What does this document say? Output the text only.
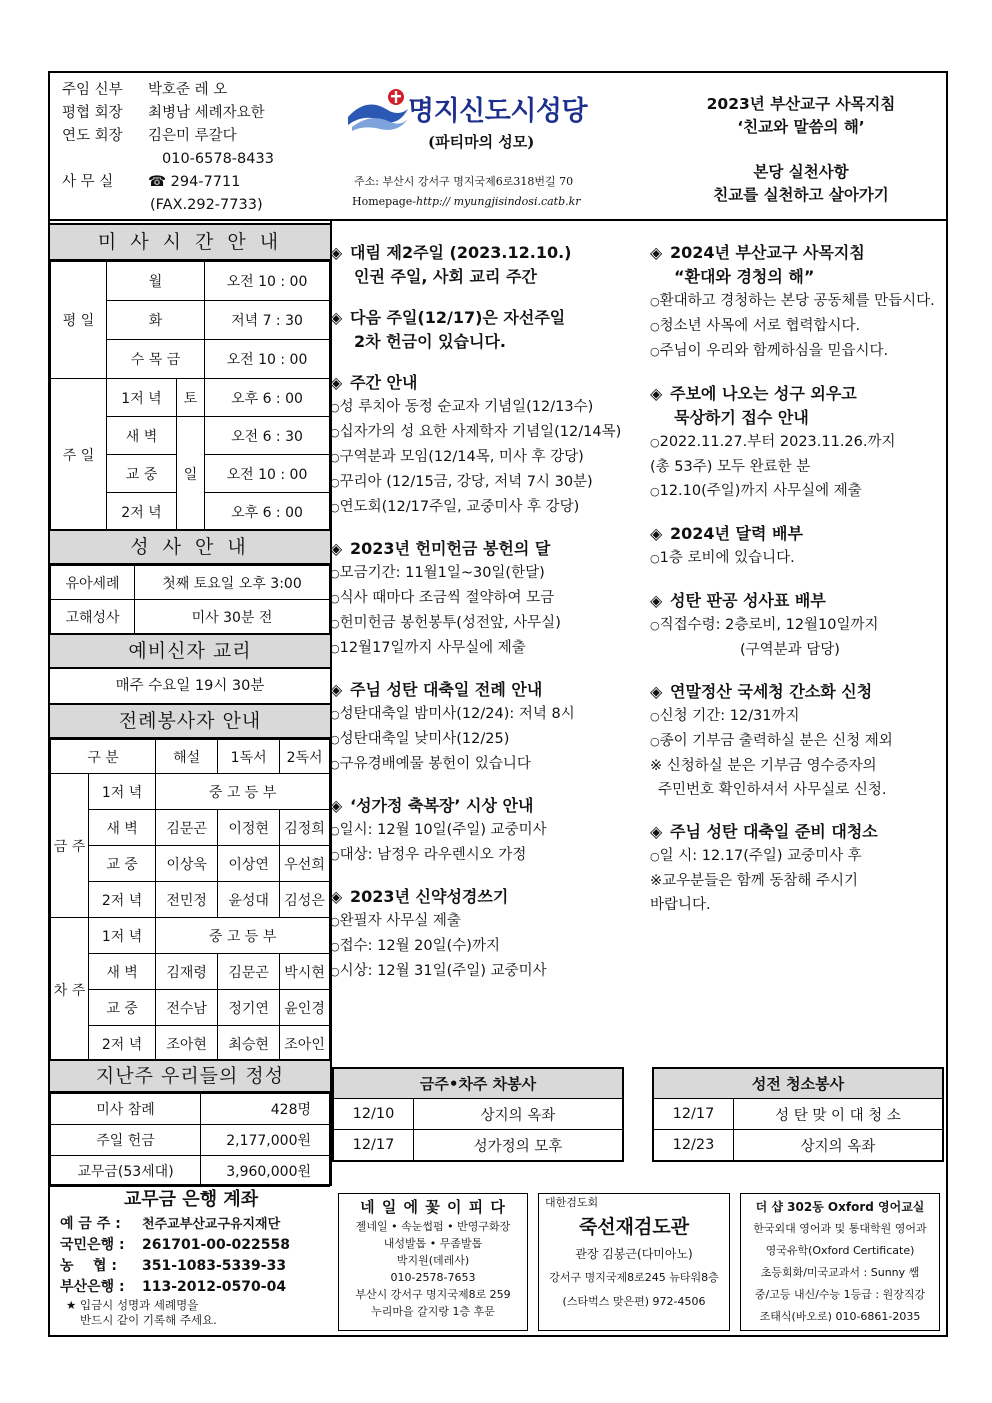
주임 신부 박호준 레 오
평협 회장 최병남 세례자요한
연도 회장 김은미 루갈다
010-6578-8433
사 무 실 ☎ 294-7711
(FAX.292-7733)
명지신도시성당
(파티마의 성모)
주소: 부산시 강서구 명지국제6로318번길 70
Homepage-http:// myungjisindosi.catb.kr
2023년 부산교구 사목지침
‘친교와 말씀의 해’
본당 실천사항
친교를 실천하고 살아가기
미 사 시 간 안 내
평 일	월		오전 10 : 00
	화		저녁 7 : 30
	수 목 금		오전 10 : 00
주 일	1저 녁	토	오후 6 : 00
	새 벽	일	오전 6 : 30
	교 중		오전 10 : 00
	2저 녁		오후 6 : 00
성 사 안 내
유아세례	첫째 토요일 오후 3:00
고해성사	미사 30분 전
예비신자 교리
매주 수요일 19시 30분
전례봉사자 안내
구 분		해설	1독서	2독서
금 주	1저 녁	중 고 등 부		
	새 벽	김문곤	이정현	김정희
	교 중	이상욱	이상연	우선희
	2저 녁	전민정	윤성대	김성은
차 주	1저 녁	중 고 등 부		
	새 벽	김재령	김문곤	박시현
	교 중	전수남	정기연	윤인경
	2저 녁	조아현	최승현	조아인
지난주 우리들의 정성
미사 참례	428명
주일 헌금	2,177,000원
교무금(53세대)	3,960,000원
교무금 은행 계좌
예 금 주 : 천주교부산교구유지재단
국민은행 : 261701-00-022558
농    협 : 351-1083-5339-33
부산은행 : 113-2012-0570-04
★ 입금시 성명과 세례명을
반드시 같이 기록해 주세요.
◈ 대림 제2주일 (2023.12.10.)
인권 주일, 사회 교리 주간
◈ 다음 주일(12/17)은 자선주일
2차 헌금이 있습니다.
◈ 주간 안내
○성 루치아 동정 순교자 기념일(12/13수)
○십자가의 성 요한 사제학자 기념일(12/14목)
○구역분과 모임(12/14목, 미사 후 강당)
○꾸리아 (12/15금, 강당, 저녁 7시 30분)
○연도회(12/17주일, 교중미사 후 강당)
◈ 2023년 헌미헌금 봉헌의 달
○모금기간: 11월1일~30일(한달)
○식사 때마다 조금씩 절약하여 모금
○헌미헌금 봉헌봉투(성전앞, 사무실)
○12월17일까지 사무실에 제출
◈ 주님 성탄 대축일 전례 안내
○성탄대축일 밤미사(12/24): 저녁 8시
○성탄대축일 낮미사(12/25)
○구유경배예물 봉헌이 있습니다
◈ ‘성가정 축복장’ 시상 안내
○일시: 12월 10일(주일) 교중미사
○대상: 남정우 라우렌시오 가정
◈ 2023년 신약성경쓰기
○완필자 사무실 제출
○접수: 12월 20일(수)까지
○시상: 12월 31일(주일) 교중미사
◈ 2024년 부산교구 사목지침
“환대와 경청의 해”
○환대하고 경청하는 본당 공동체를 만듭시다.
○청소년 사목에 서로 협력합시다.
○주님이 우리와 함께하심을 믿읍시다.
◈ 주보에 나오는 성구 외우고
묵상하기 접수 안내
○2022.11.27.부터 2023.11.26.까지
(총 53주) 모두 완료한 분
○12.10(주일)까지 사무실에 제출
◈ 2024년 달력 배부
○1층 로비에 있습니다.
◈ 성탄 판공 성사표 배부
○직접수령: 2층로비, 12월10일까지
(구역분과 담당)
◈ 연말정산 국세청 간소화 신청
○신청 기간: 12/31까지
○종이 기부금 출력하실 분은 신청 제외
※ 신청하실 분은 기부금 영수증자의
주민번호 확인하셔서 사무실로 신청.
◈ 주님 성탄 대축일 준비 대청소
○일 시: 12.17(주일) 교중미사 후
※교우분들은 함께 동참해 주시기
바랍니다.
금주•차주 차봉사	
12/10	상지의 옥좌
12/17	성가정의 모후
성전 청소봉사	
12/17	성 탄 맞 이 대 청 소
12/23	상지의 옥좌
네 일 에 꽃 이 피 다
젤네일 • 속눈썹펌 • 반영구화장
내성발톱 • 무좀발톱
박지원(데레사)
010-2578-7653
부산시 강서구 명지국제8로 259
누리마을 갈지랑 1층 후문
대한검도회
죽선재검도관
관장 김봉근(다미아노)
강서구 명지국제8로245 뉴타워8층
(스타벅스 맞은편) 972-4506
더 샵 302동 Oxford 영어교실
한국외대 영어과 및 통대학원 영어과
영국유학(Oxford Certificate)
초등회화/미국교과서 : Sunny 쌤
중/고등 내신/수능 1등급 : 원장직강
조태식(바오로) 010-6861-2035
